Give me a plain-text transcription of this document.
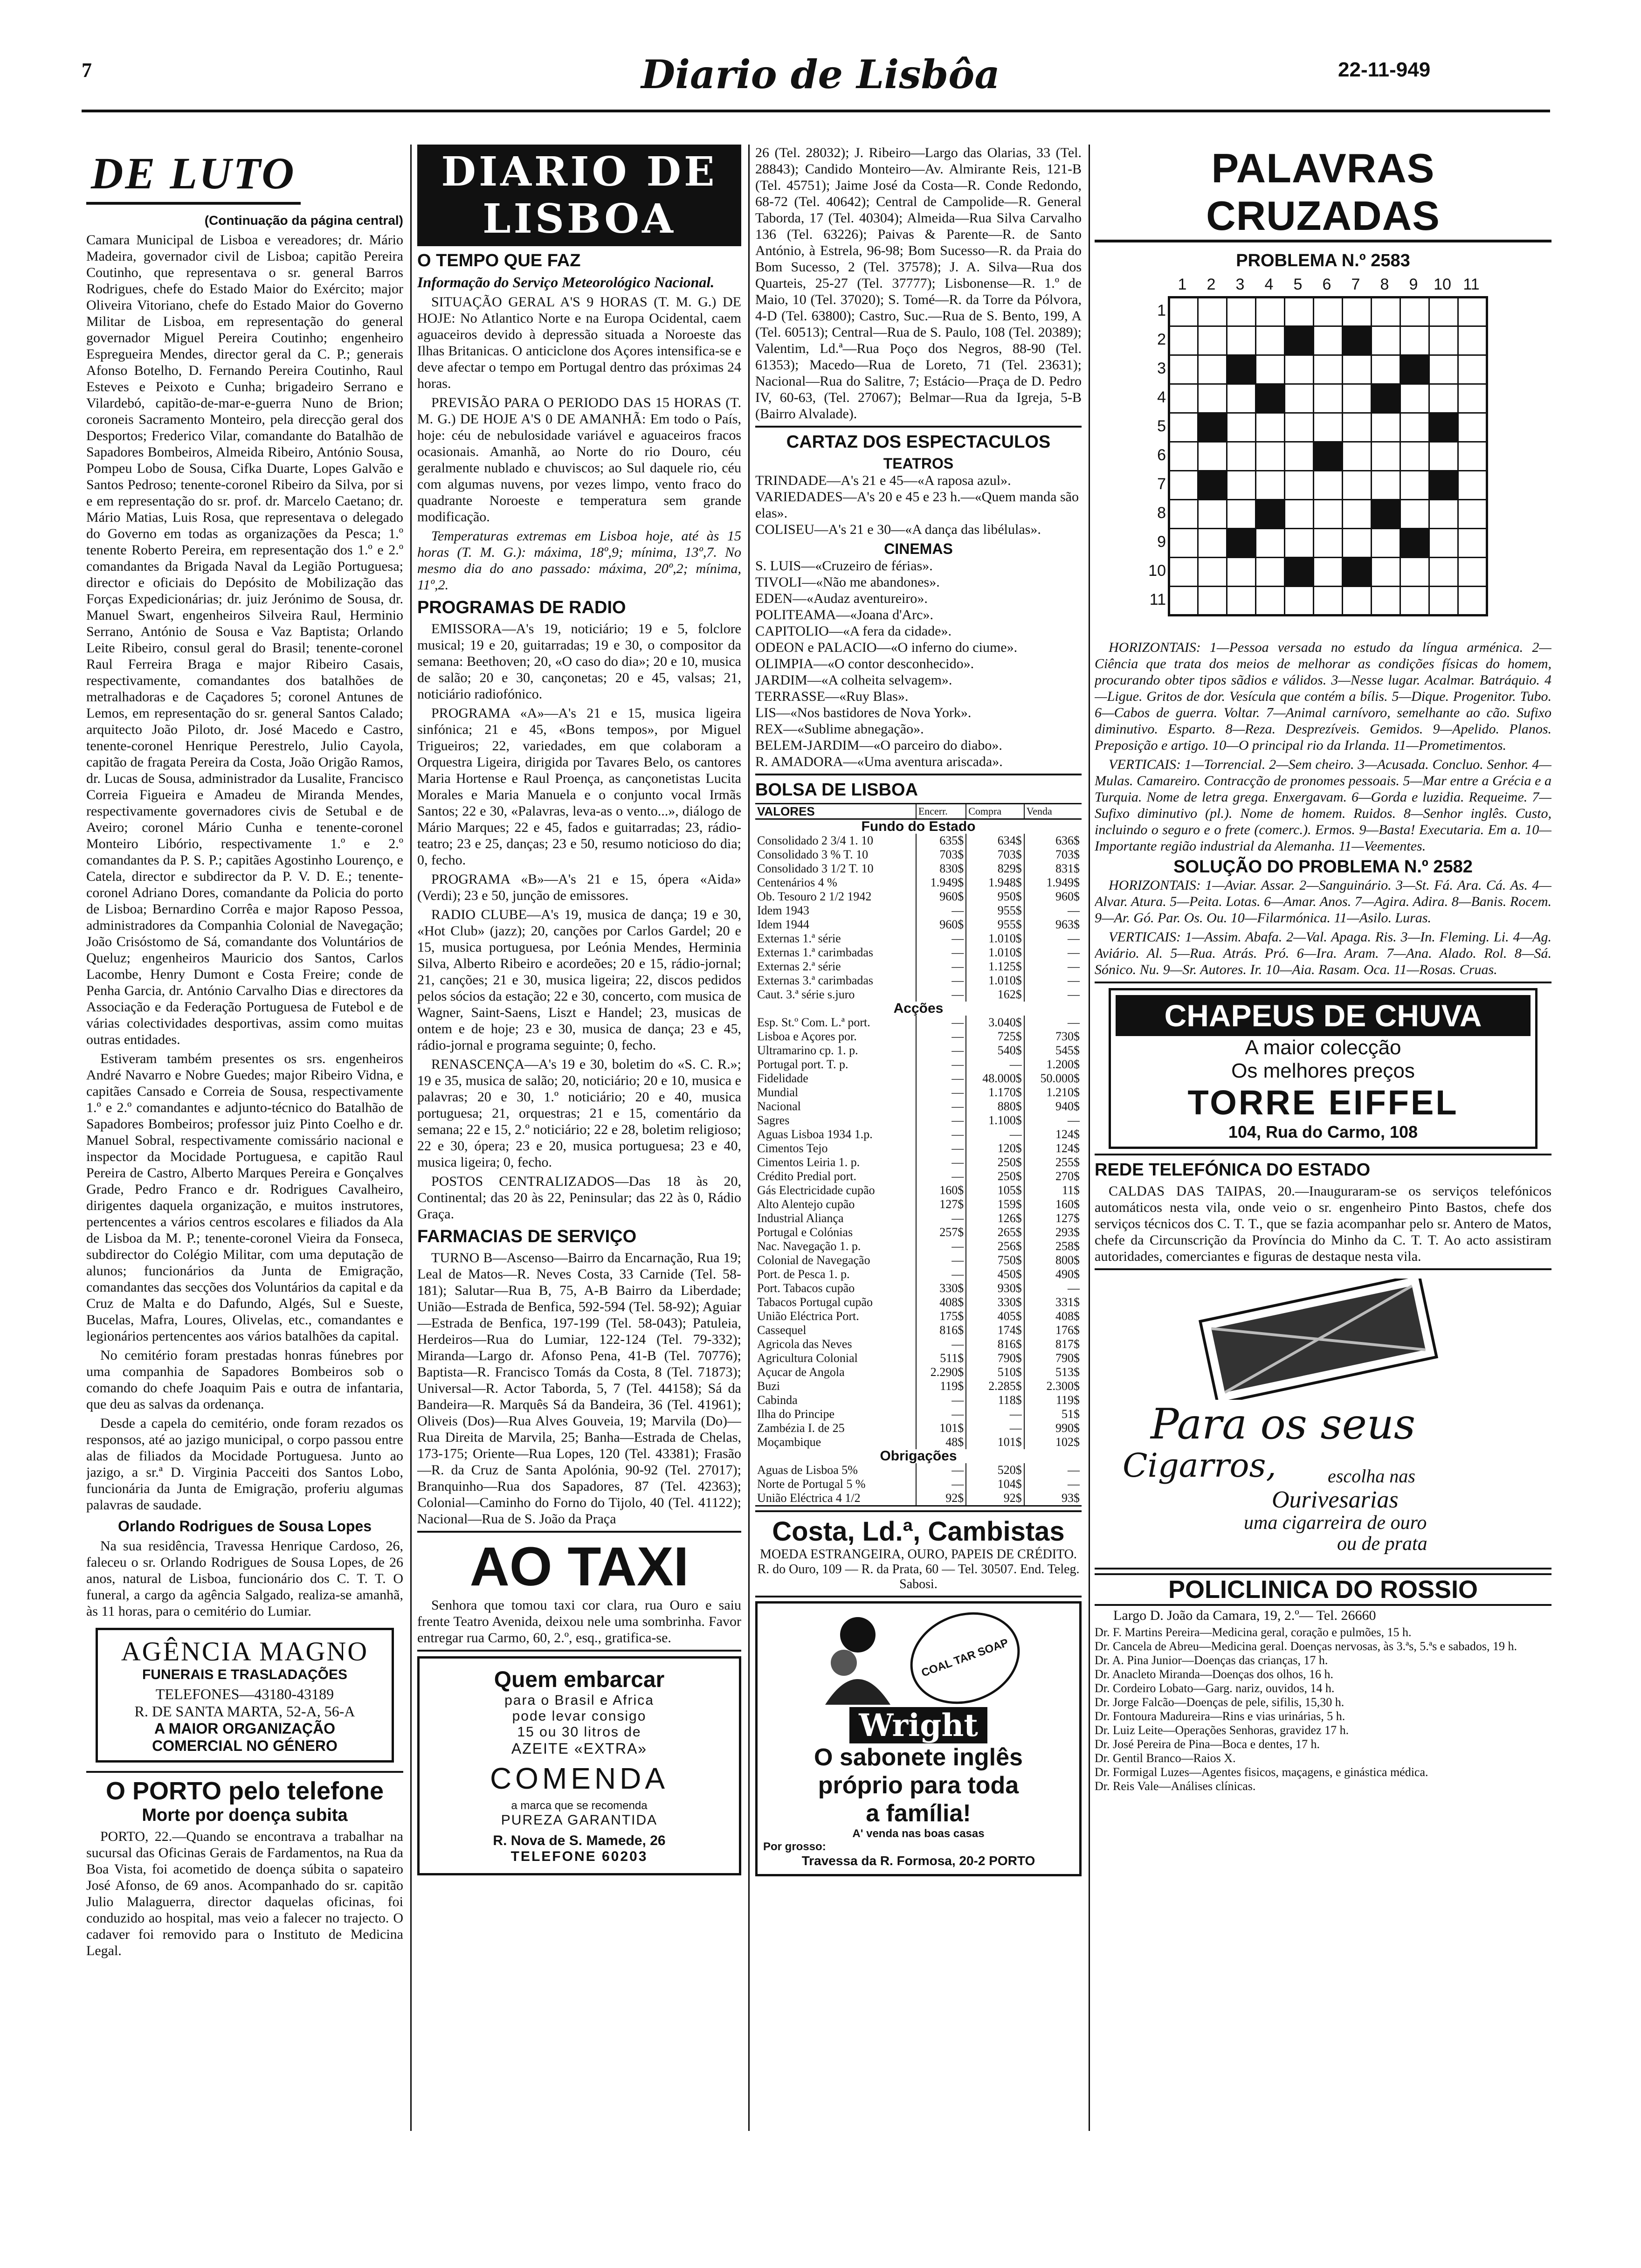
7	Diario de Lisbôa	22-11-949
DE LUTO
(Continuação da página central)

Camara Municipal de Lisboa e vereadores; dr. Mário Madeira, governador civil de Lisboa; capitão Pereira Coutinho, que representava o sr. general Barros Rodrigues, chefe do Estado Maior do Exército; major Oliveira Vitoriano, chefe do Estado Maior do Governo Militar de Lisboa, em representação do general governador Miguel Pereira Coutinho; engenheiro Espregueira Mendes, director geral da C. P.; generais Afonso Botelho, D. Fernando Pereira Coutinho, Raul Esteves e Peixoto e Cunha; brigadeiro Serrano e Vilardebó, capitão-de-mar-e-guerra Nuno de Brion; coroneis Sacramento Monteiro, pela direcção geral dos Desportos; Frederico Vilar, comandante do Batalhão de Sapadores Bombeiros, Almeida Ribeiro, António Sousa, Pompeu Lobo de Sousa, Cifka Duarte, Lopes Galvão e Santos Pedroso; tenente-coronel Ribeiro da Silva, por si e em representação do sr. prof. dr. Marcelo Caetano; dr. Mário Matias, Luis Rosa, que representava o delegado do Governo em todas as organizações da Pesca; 1.º tenente Roberto Pereira, em representação dos 1.º e 2.º comandantes da Brigada Naval da Legião Portuguesa; director e oficiais do Depósito de Mobilização das Forças Expedicionárias; dr. juiz Jerónimo de Sousa, dr. Manuel Swart, engenheiros Silveira Raul, Herminio Serrano, António de Sousa e Vaz Baptista; Orlando Leite Ribeiro, consul geral do Brasil; tenente-coronel Raul Ferreira Braga e major Ribeiro Casais, respectivamente, comandantes dos batalhões de metralhadoras e de Caçadores 5; coronel Antunes de Lemos, em representação do sr. general Santos Calado; arquitecto João Piloto, dr. José Macedo e Castro, tenente-coronel Henrique Perestrelo, Julio Cayola, capitão de fragata Pereira da Costa, João Origão Ramos, dr. Lucas de Sousa, administrador da Lusalite, Francisco Correia Figueira e Amadeu de Miranda Mendes, respectivamente governadores civis de Setubal e de Aveiro; coronel Mário Cunha e tenente-coronel Monteiro Libório, respectivamente 1.º e 2.º comandantes da P. S. P.; capitães Agostinho Lourenço, e Catela, director e subdirector da P. V. D. E.; tenente-coronel Adriano Dores, comandante da Policia do porto de Lisboa; Bernardino Corrêa e major Raposo Pessoa, administradores da Companhia Colonial de Navegação; João Crisóstomo de Sá, comandante dos Voluntários de Queluz; engenheiros Mauricio dos Santos, Carlos Lacombe, Henry Dumont e Costa Freire; conde de Penha Garcia, dr. António Carvalho Dias e directores da Associação e da Federação Portuguesa de Futebol e de várias colectividades desportivas, assim como muitas outras entidades.

Estiveram também presentes os srs. engenheiros André Navarro e Nobre Guedes; major Ribeiro Vidna, e capitães Cansado e Correia de Sousa, respectivamente 1.º e 2.º comandantes e adjunto-técnico do Batalhão de Sapadores Bombeiros; professor juiz Pinto Coelho e dr. Manuel Sobral, respectivamente comissário nacional e inspector da Mocidade Portuguesa, e capitão Raul Pereira de Castro, Alberto Marques Pereira e Gonçalves Grade, Pedro Franco e dr. Rodrigues Cavalheiro, dirigentes daquela organização, e muitos instrutores, pertencentes a vários centros escolares e filiados da Ala de Lisboa da M. P.; tenente-coronel Vieira da Fonseca, subdirector do Colégio Militar, com uma deputação de alunos; funcionários da Junta de Emigração, comandantes das secções dos Voluntários da capital e da Cruz de Malta e do Dafundo, Algés, Sul e Sueste, Bucelas, Mafra, Loures, Olivelas, etc., comandantes e legionários pertencentes aos vários batalhões da capital.

No cemitério foram prestadas honras fúnebres por uma companhia de Sapadores Bombeiros sob o comando do chefe Joaquim Pais e outra de infantaria, que deu as salvas da ordenança.

Desde a capela do cemitério, onde foram rezados os responsos, até ao jazigo municipal, o corpo passou entre alas de filiados da Mocidade Portuguesa. Junto ao jazigo, a sr.ª D. Virginia Pacceiti dos Santos Lobo, funcionária da Junta de Emigração, proferiu algumas palavras de saudade.

Orlando Rodrigues de Sousa Lopes

Na sua residência, Travessa Henrique Cardoso, 26, faleceu o sr. Orlando Rodrigues de Sousa Lopes, de 26 anos, natural de Lisboa, funcionário dos C. T. T. O funeral, a cargo da agência Salgado, realiza-se amanhã, às 11 horas, para o cemitério do Lumiar.

AGÊNCIA MAGNO
FUNERAIS E TRASLADAÇÕES
TELEFONES—43180-43189
R. DE SANTA MARTA, 52-A, 56-A
A MAIOR ORGANIZAÇÃO
COMERCIAL NO GÉNERO
O PORTO pelo telefone
Morte por doença subita

PORTO, 22.—Quando se encontrava a trabalhar na sucursal das Oficinas Gerais de Fardamentos, na Rua da Boa Vista, foi acometido de doença súbita o sapateiro José Afonso, de 69 anos. Acompanhado do sr. capitão Julio Malaguerra, director daquelas oficinas, foi conduzido ao hospital, mas veio a falecer no trajecto. O cadaver foi removido para o Instituto de Medicina Legal.

DIARIO DE LISBOA
O TEMPO QUE FAZ
Informação do Serviço Meteorológico Nacional.

SITUAÇÃO GERAL A'S 9 HORAS (T. M. G.) DE HOJE: No Atlantico Norte e na Europa Ocidental, caem aguaceiros devido à depressão situada a Noroeste das Ilhas Britanicas. O anticiclone dos Açores intensifica-se e deve afectar o tempo em Portugal dentro das próximas 24 horas.

PREVISÃO PARA O PERIODO DAS 15 HORAS (T. M. G.) DE HOJE A'S 0 DE AMANHÃ: Em todo o País, hoje: céu de nebulosidade variável e aguaceiros fracos ocasionais. Amanhã, ao Norte do rio Douro, céu geralmente nublado e chuviscos; ao Sul daquele rio, céu com algumas nuvens, por vezes limpo, vento fraco do quadrante Noroeste e temperatura sem grande modificação.

Temperaturas extremas em Lisboa hoje, até às 15 horas (T. M. G.): máxima, 18º,9; mínima, 13º,7. No mesmo dia do ano passado: máxima, 20º,2; mínima, 11º,2.

PROGRAMAS DE RADIO

EMISSORA—A's 19, noticiário; 19 e 5, folclore musical; 19 e 20, guitarradas; 19 e 30, o compositor da semana: Beethoven; 20, «O caso do dia»; 20 e 10, musica de salão; 20 e 30, cançonetas; 20 e 45, valsas; 21, noticiário radiofónico.

PROGRAMA «A»—A's 21 e 15, musica ligeira sinfónica; 21 e 45, «Bons tempos», por Miguel Trigueiros; 22, variedades, em que colaboram a Orquestra Ligeira, dirigida por Tavares Belo, os cantores Maria Hortense e Raul Proença, as cançonetistas Lucita Morales e Maria Manuela e o conjunto vocal Irmãs Santos; 22 e 30, «Palavras, leva-as o vento...», diálogo de Mário Marques; 22 e 45, fados e guitarradas; 23, rádio-teatro; 23 e 25, danças; 23 e 50, resumo noticioso do dia; 0, fecho.

PROGRAMA «B»—A's 21 e 15, ópera «Aida» (Verdi); 23 e 50, junção de emissores.

RADIO CLUBE—A's 19, musica de dança; 19 e 30, «Hot Club» (jazz); 20, canções por Carlos Gardel; 20 e 15, musica portuguesa, por Leónia Mendes, Herminia Silva, Alberto Ribeiro e acordeões; 20 e 15, rádio-jornal; 21, canções; 21 e 30, musica ligeira; 22, discos pedidos pelos sócios da estação; 22 e 30, concerto, com musica de Wagner, Saint-Saens, Liszt e Handel; 23, musicas de ontem e de hoje; 23 e 30, musica de dança; 23 e 45, rádio-jornal e programa seguinte; 0, fecho.

RENASCENÇA—A's 19 e 30, boletim do «S. C. R.»; 19 e 35, musica de salão; 20, noticiário; 20 e 10, musica e palavras; 20 e 30, 1.º noticiário; 20 e 40, musica portuguesa; 21, orquestras; 21 e 15, comentário da semana; 22 e 15, 2.º noticiário; 22 e 28, boletim religioso; 22 e 30, ópera; 23 e 20, musica portuguesa; 23 e 40, musica ligeira; 0, fecho.

POSTOS CENTRALIZADOS—Das 18 às 20, Continental; das 20 às 22, Peninsular; das 22 às 0, Rádio Graça.

FARMACIAS DE SERVIÇO

TURNO B—Ascenso—Bairro da Encarnação, Rua 19; Leal de Matos—R. Neves Costa, 33 Carnide (Tel. 58-181); Salutar—Rua B, 75, A-B Bairro da Liberdade; União—Estrada de Benfica, 592-594 (Tel. 58-92); Aguiar—Estrada de Benfica, 197-199 (Tel. 58-043); Patuleia, Herdeiros—Rua do Lumiar, 122-124 (Tel. 79-332); Miranda—Largo dr. Afonso Pena, 41-B (Tel. 70776); Baptista—R. Francisco Tomás da Costa, 8 (Tel. 71873); Universal—R. Actor Taborda, 5, 7 (Tel. 44158); Sá da Bandeira—R. Marquês Sá da Bandeira, 36 (Tel. 41961); Oliveis (Dos)—Rua Alves Gouveia, 19; Marvila (Do)—Rua Direita de Marvila, 25; Banha—Estrada de Chelas, 173-175; Oriente—Rua Lopes, 120 (Tel. 43381); Frasão—R. da Cruz de Santa Apolónia, 90-92 (Tel. 27017); Branquinho—Rua dos Sapadores, 87 (Tel. 42363); Colonial—Caminho do Forno do Tijolo, 40 (Tel. 41122); Nacional—Rua de S. João da Praça

AO TAXI

Senhora que tomou taxi cor clara, rua Ouro e saiu frente Teatro Avenida, deixou nele uma sombrinha. Favor entregar rua Carmo, 60, 2.º, esq., gratifica-se.

Quem embarcar
para o Brasil e Africa
pode levar consigo
15 ou 30 litros de
AZEITE «EXTRA»
COMENDA
a marca que se recomenda
PUREZA GARANTIDA
R. Nova de S. Mamede, 26
TELEFONE 60203

26 (Tel. 28032); J. Ribeiro—Largo das Olarias, 33 (Tel. 28843); Candido Monteiro—Av. Almirante Reis, 121-B (Tel. 45751); Jaime José da Costa—R. Conde Redondo, 68-72 (Tel. 40642); Central de Campolide—R. General Taborda, 17 (Tel. 40304); Almeida—Rua Silva Carvalho 136 (Tel. 63226); Paivas & Parente—R. de Santo António, à Estrela, 96-98; Bom Sucesso—R. da Praia do Bom Sucesso, 2 (Tel. 37578); J. A. Silva—Rua dos Quarteis, 25-27 (Tel. 37777); Lisbonense—R. 1.º de Maio, 10 (Tel. 37020); S. Tomé—R. da Torre da Pólvora, 4-D (Tel. 63800); Castro, Suc.—Rua de S. Bento, 199, A (Tel. 60513); Central—Rua de S. Paulo, 108 (Tel. 20389); Valentim, Ld.ª—Rua Poço dos Negros, 88-90 (Tel. 61353); Macedo—Rua de Loreto, 71 (Tel. 23631); Nacional—Rua do Salitre, 7; Estácio—Praça de D. Pedro IV, 60-63, (Tel. 27067); Belmar—Rua da Igreja, 5-B (Bairro Alvalade).

CARTAZ DOS ESPECTACULOS
TEATROS
TRINDADE—A's 21 e 45—«A raposa azul».
VARIEDADES—A's 20 e 45 e 23 h.—«Quem manda são elas».
COLISEU—A's 21 e 30—«A dança das libélulas».
CINEMAS
S. LUIS—«Cruzeiro de férias».
TIVOLI—«Não me abandones».
EDEN—«Audaz aventureiro».
POLITEAMA—«Joana d'Arc».
CAPITOLIO—«A fera da cidade».
ODEON e PALACIO—«O inferno do ciume».
OLIMPIA—«O contor desconhecido».
JARDIM—«A colheita selvagem».
TERRASSE—«Ruy Blas».
LIS—«Nos bastidores de Nova York».
REX—«Sublime abnegação».
BELEM-JARDIM—«O parceiro do diabo».
R. AMADORA—«Uma aventura ariscada».
BOLSA DE LISBOA
VALORES	Encerr.	Compra	Venda
Fundo do Estado			
Consolidado 2 3/4 1. 10	635$	634$	636$
Consolidado 3 % T. 10	703$	703$	703$
Consolidado 3 1/2 T. 10	830$	829$	831$
Centenários 4 %	1.949$	1.948$	1.949$
Ob. Tesouro 2 1/2 1942	960$	950$	960$
Idem 1943	—	955$	—
Idem 1944	960$	955$	963$
Externas 1.ª série	—	1.010$	—
Externas 1.ª carimbadas	—	1.010$	—
Externas 2.ª série	—	1.125$	—
Externas 3.ª carimbadas	—	1.010$	—
Caut. 3.ª série s.juro	—	162$	—
Acções			
Esp. St.º Com. L.ª port.	—	3.040$	—
Lisboa e Açores por.	—	725$	730$
Ultramarino cp. 1. p.	—	540$	545$
Portugal port. T. p.	—	—	1.200$
Fidelidade	—	48.000$	50.000$
Mundial	—	1.170$	1.210$
Nacional	—	880$	940$
Sagres	—	1.100$	—
Aguas Lisboa 1934 1.p.	—	—	124$
Cimentos Tejo	—	120$	124$
Cimentos Leiria 1. p.	—	250$	255$
Crédito Predial port.	—	250$	270$
Gás Electricidade cupão	160$	105$	11$
Alto Alentejo cupão	127$	159$	160$
Industrial Aliança	—	126$	127$
Portugal e Colónias	257$	265$	293$
Nac. Navegação 1. p.	—	256$	258$
Colonial de Navegação	—	750$	800$
Port. de Pesca 1. p.	—	450$	490$
Port. Tabacos cupão	330$	930$	—
Tabacos Portugal cupão	408$	330$	331$
União Eléctrica Port.	175$	405$	408$
Cassequel	816$	174$	176$
Agricola das Neves	—	816$	817$
Agricultura Colonial	511$	790$	790$
Açucar de Angola	2.290$	510$	513$
Buzi	119$	2.285$	2.300$
Cabinda	—	118$	119$
Ilha do Principe	—	—	51$
Zambézia I. de 25	101$	—	990$
Moçambique	48$	101$	102$
Obrigações			
Aguas de Lisboa 5%	—	520$	—
Norte de Portugal 5 %	—	104$	—
União Eléctrica 4 1/2	92$	92$	93$
Costa, Ld.ª, Cambistas
MOEDA ESTRANGEIRA, OURO, PAPEIS DE CRÉDITO. R. do Ouro, 109 — R. da Prata, 60 — Tel. 30507. End. Teleg. Sabosi.
COAL TAR SOAP
Wright
O sabonete inglês
próprio para toda
a família!
A' venda nas boas casas
Por grosso:
Travessa da R. Formosa, 20-2 PORTO
PALAVRAS CRUZADAS
PROBLEMA N.º 2583
1	2	3	4	5	6	7	8	9 10 11
1
2
3
4
5
6
7
8
9
10
11

HORIZONTAIS: 1—Pessoa versada no estudo da língua arménica. 2—Ciência que trata dos meios de melhorar as condições físicas do homem, procurando obter tipos sãdios e válidos. 3—Nesse lugar. Acalmar. Batráquio. 4—Ligue. Gritos de dor. Vesícula que contém a bílis. 5—Dique. Progenitor. Tubo. 6—Cabos de guerra. Voltar. 7—Animal carnívoro, semelhante ao cão. Sufixo diminutivo. Esparto. 8—Reza. Desprezíveis. Gemidos. 9—Apelido. Planos. Preposição e artigo. 10—O principal rio da Irlanda. 11—Prometimentos.

VERTICAIS: 1—Torrencial. 2—Sem cheiro. 3—Acusada. Concluo. Senhor. 4—Mulas. Camareiro. Contracção de pronomes pessoais. 5—Mar entre a Grécia e a Turquia. Nome de letra grega. Enxergavam. 6—Gorda e luzidia. Requeime. 7—Sufixo diminutivo (pl.). Nome de homem. Ruidos. 8—Senhor inglês. Custo, incluindo o seguro e o frete (comerc.). Ermos. 9—Basta! Executaria. Em a. 10—Importante região industrial da Alemanha. 11—Veementes.

SOLUÇÃO DO PROBLEMA N.º 2582

HORIZONTAIS: 1—Aviar. Assar. 2—Sanguinário. 3—St. Fá. Ara. Cá. As. 4—Alvar. Atura. 5—Peita. Lotas. 6—Amar. Anos. 7—Agira. Adira. 8—Banis. Rocem. 9—Ar. Gó. Par. Os. Ou. 10—Filarmónica. 11—Asilo. Luras.

VERTICAIS: 1—Assim. Abafa. 2—Val. Apaga. Ris. 3—In. Fleming. Li. 4—Ag. Aviário. Al. 5—Rua. Atrás. Pró. 6—Ira. Aram. 7—Ana. Alado. Rol. 8—Sá. Sónico. Nu. 9—Sr. Autores. Ir. 10—Aia. Rasam. Oca. 11—Rosas. Cruas.

CHAPEUS DE CHUVA
A maior colecção
Os melhores preços
TORRE EIFFEL
104, Rua do Carmo, 108
REDE TELEFÓNICA DO ESTADO

CALDAS DAS TAIPAS, 20.—Inauguraram-se os serviços telefónicos automáticos nesta vila, onde veio o sr. engenheiro Pinto Bastos, chefe dos serviços técnicos dos C. T. T., que se fazia acompanhar pelo sr. Antero de Matos, chefe da Circunscrição da Província do Minho da C. T. T. Ao acto assistiram autoridades, comerciantes e figuras de destaque nesta vila.

Para os seus
Cigarros,	escolha nas
Ourivesarias
uma cigarreira de ouro
ou de prata
POLICLINICA DO ROSSIO
Largo D. João da Camara, 19, 2.º— Tel. 26660
Dr. F. Martins Pereira—Medicina geral, coração e pulmões, 15 h.
Dr. Cancela de Abreu—Medicina geral. Doenças nervosas, às 3.ªs, 5.ªs e sabados, 19 h.
Dr. A. Pina Junior—Doenças das crianças, 17 h.
Dr. Anacleto Miranda—Doenças dos olhos, 16 h.
Dr. Cordeiro Lobato—Garg. nariz, ouvidos, 14 h.
Dr. Jorge Falcão—Doenças de pele, sifilis, 15,30 h.
Dr. Fontoura Madureira—Rins e vias urinárias, 5 h.
Dr. Luiz Leite—Operações Senhoras, gravidez 17 h.
Dr. José Pereira de Pina—Boca e dentes, 17 h.
Dr. Gentil Branco—Raios X.
Dr. Formigal Luzes—Agentes fisicos, maçagens, e ginástica médica.
Dr. Reis Vale—Análises clínicas.
